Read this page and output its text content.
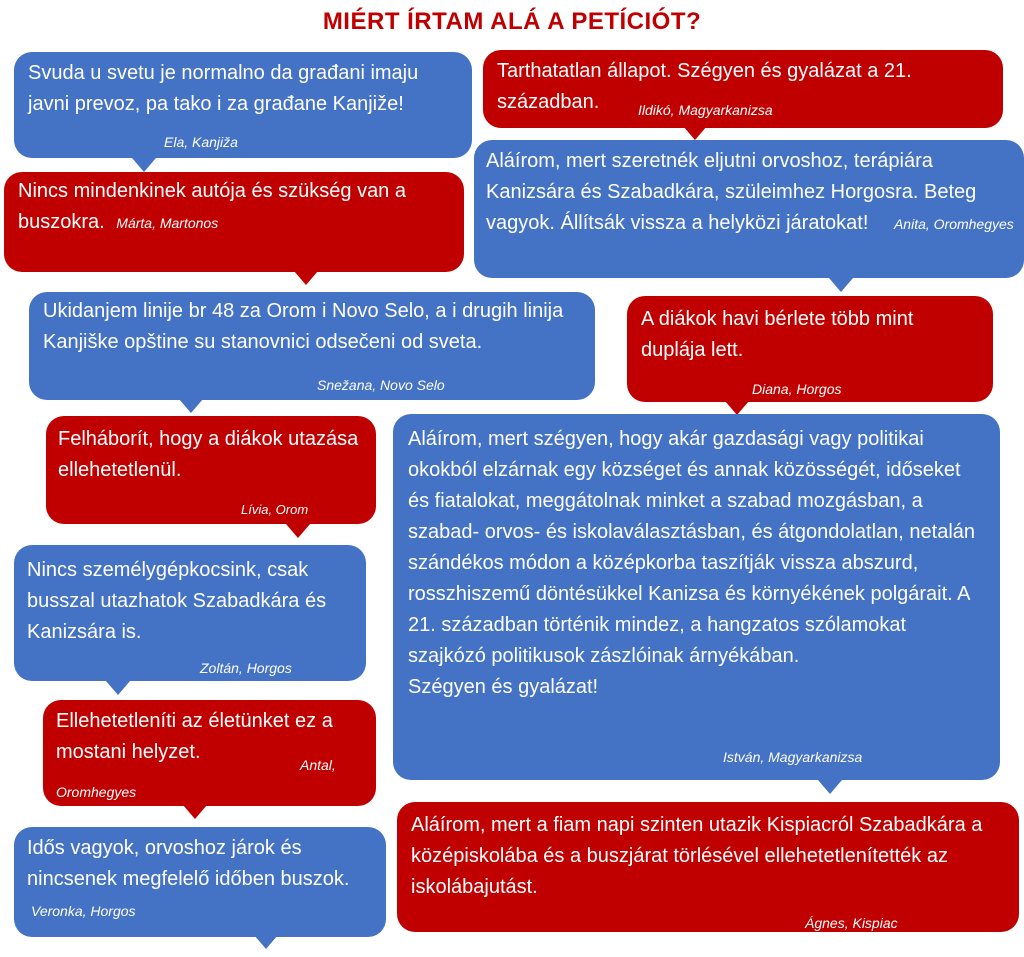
MIÉRT ÍRTAM ALÁ A PETÍCIÓT?
Svuda u svetu je normalno da građani imaju javni prevoz, pa tako i za građane Kanjiže!
Ela, Kanjiža
Tarthatatlan állapot. Szégyen és gyalázat a 21. században.	Ildikó, Magyarkanizsa
Nincs mindenkinek autója és szükség van a buszokra. Márta, Martonos
Aláírom, mert szeretnék eljutni orvoshoz, terápiára Kanizsára és Szabadkára, szüleimhez Horgosra. Beteg vagyok. Állítsák vissza a helyközi járatokat! Anita, Oromhegyes
Ukidanjem linije br 48 za Orom i Novo Selo, a i drugih linija Kanjiške opštine su stanovnici odsečeni od sveta.
Snežana, Novo Selo
A diákok havi bérlete több mint duplája lett.
Diana, Horgos
Felháborít, hogy a diákok utazása ellehetetlenül.
Lívia, Orom
Aláírom, mert szégyen, hogy akár gazdasági vagy politikai okokból elzárnak egy községet és annak közösségét, időseket és fiatalokat, meggátolnak minket a szabad mozgásban, a szabad- orvos- és iskolaválasztásban, és átgondolatlan, netalán szándékos módon a középkorba taszítják vissza abszurd, rosszhiszemű döntésükkel Kanizsa és környékének polgárait. A 21. században történik mindez, a hangzatos szólamokat szajkózó politikusok zászlóinak árnyékában.
Szégyen és gyalázat!
István, Magyarkanizsa
Nincs személygépkocsink, csak busszal utazhatok Szabadkára és Kanizsára is.
Zoltán, Horgos
Ellehetetleníti az életünket ez a mostani helyzet.
Antal, Oromhegyes
Idős vagyok, orvoshoz járok és nincsenek megfelelő időben buszok. Veronka, Horgos
Aláírom, mert a fiam napi szinten utazik Kispiacról Szabadkára a középiskolába és a buszjárat törlésével ellehetetlenítették az iskolábajutást.
Ágnes, Kispiac
